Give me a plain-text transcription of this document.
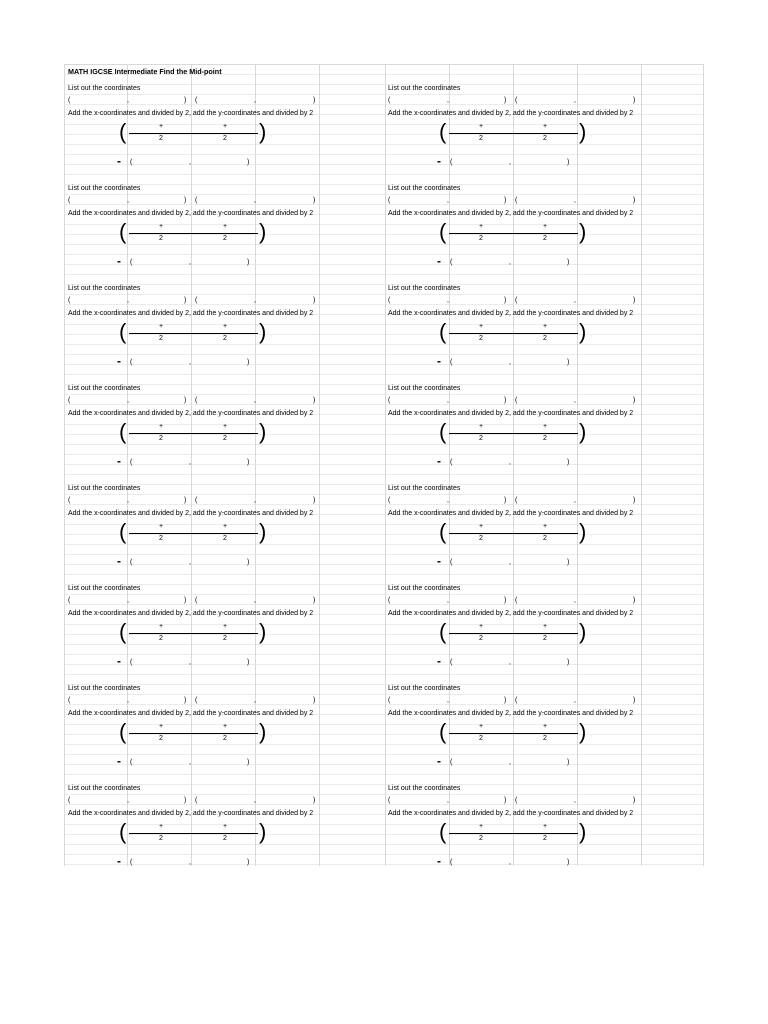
MATH IGCSE Intermediate Find the Mid-point
List out the coordinates
(	,	) (	,	)
Add the x-coordinates and divided by 2, add the y-coordinates and divided by 2
(	+	+
2	2 )
- (	,	)
List out the coordinates
(	,	) (	,	)
Add the x-coordinates and divided by 2, add the y-coordinates and divided by 2
(	+	+
2	2 )
- (	,	)
List out the coordinates
(	,	) (	,	)
Add the x-coordinates and divided by 2, add the y-coordinates and divided by 2
(	+	+
2	2 )
- (	,	)
List out the coordinates
(	,	) (	,	)
Add the x-coordinates and divided by 2, add the y-coordinates and divided by 2
(	+	+
2	2 )
- (	,	)
List out the coordinates
(	,	) (	,	)
Add the x-coordinates and divided by 2, add the y-coordinates and divided by 2
(	+	+
2	2 )
- (	,	)
List out the coordinates
(	,	) (	,	)
Add the x-coordinates and divided by 2, add the y-coordinates and divided by 2
(	+	+
2	2 )
- (	,	)
List out the coordinates
(	,	) (	,	)
Add the x-coordinates and divided by 2, add the y-coordinates and divided by 2
(	+	+
2	2 )
- (	,	)
List out the coordinates
(	,	) (	,	)
Add the x-coordinates and divided by 2, add the y-coordinates and divided by 2
(	+	+
2	2 )
- (	,	)
List out the coordinates
(	,	) (	,	)
Add the x-coordinates and divided by 2, add the y-coordinates and divided by 2
(	+	+
2	2 )
- (	,	)
List out the coordinates
(	,	) (	,	)
Add the x-coordinates and divided by 2, add the y-coordinates and divided by 2
(	+	+
2	2 )
- (	,	)
List out the coordinates
(	,	) (	,	)
Add the x-coordinates and divided by 2, add the y-coordinates and divided by 2
(	+	+
2	2 )
- (	,	)
List out the coordinates
(	,	) (	,	)
Add the x-coordinates and divided by 2, add the y-coordinates and divided by 2
(	+	+
2	2 )
- (	,	)
List out the coordinates
(	,	) (	,	)
Add the x-coordinates and divided by 2, add the y-coordinates and divided by 2
(	+	+
2	2 )
- (	,	)
List out the coordinates
(	,	) (	,	)
Add the x-coordinates and divided by 2, add the y-coordinates and divided by 2
(	+	+
2	2 )
- (	,	)
List out the coordinates
(	,	) (	,	)
Add the x-coordinates and divided by 2, add the y-coordinates and divided by 2
(	+	+
2	2 )
- (	,	)
List out the coordinates
(	,	) (	,	)
Add the x-coordinates and divided by 2, add the y-coordinates and divided by 2
(	+	+
2	2 )
- (	,	)
